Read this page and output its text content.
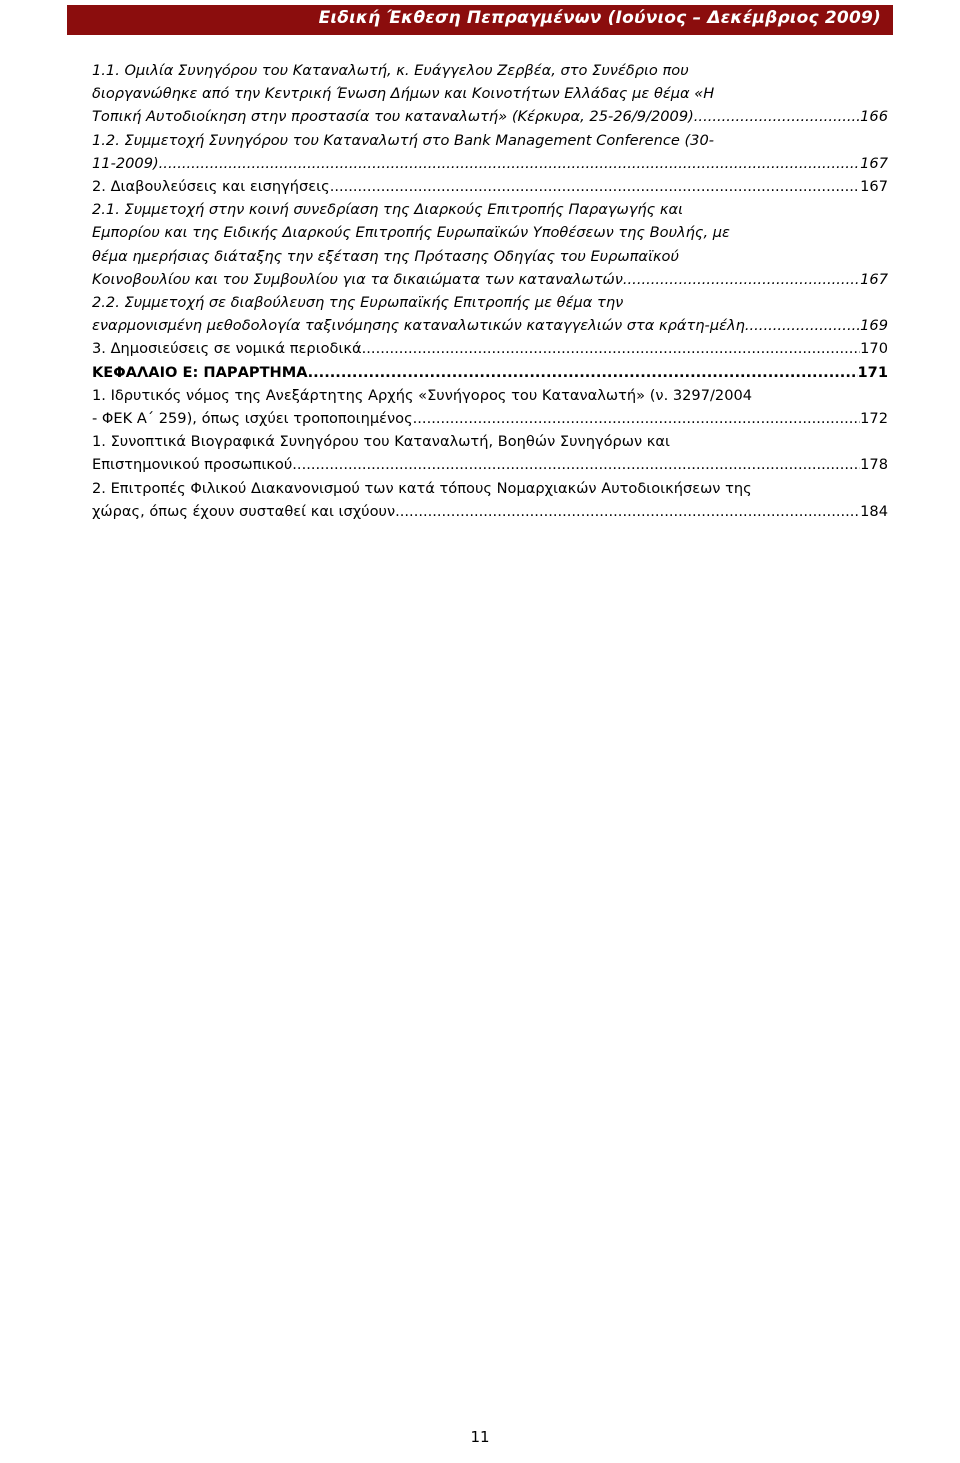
Ειδική Έκθεση Πεπραγμένων (Ιούνιος – Δεκέμβριος 2009)
1.1. Ομιλία Συνηγόρου του Καταναλωτή, κ. Ευάγγελου Ζερβέα, στο Συνέδριο που
διοργανώθηκε από την Κεντρική Ένωση Δήμων και Κοινοτήτων Ελλάδας με θέμα «Η
Τοπική Αυτοδιοίκηση στην προστασία του καταναλωτή» (Κέρκυρα, 25-26/9/2009) .....	166
1.2. Συμμετοχή Συνηγόρου του Καταναλωτή στο Bank Management Conference (30-
11-2009) .....	167
2. Διαβουλεύσεις και εισηγήσεις .....	167
2.1. Συμμετοχή στην κοινή συνεδρίαση της Διαρκούς Επιτροπής Παραγωγής και
Εμπορίου και της Ειδικής Διαρκούς Επιτροπής Ευρωπαϊκών Υποθέσεων της Βουλής, με
θέμα ημερήσιας διάταξης την εξέταση της Πρότασης Οδηγίας του Ευρωπαϊκού
Κοινοβουλίου και του Συμβουλίου για τα δικαιώματα των καταναλωτών .....	167
2.2. Συμμετοχή σε διαβούλευση της Ευρωπαϊκής Επιτροπής με θέμα την
εναρμονισμένη μεθοδολογία ταξινόμησης καταναλωτικών καταγγελιών στα κράτη-μέλη .....	169
3. Δημοσιεύσεις σε νομικά περιοδικά .....	170
ΚΕΦΑΛΑΙΟ Ε: ΠΑΡΑΡΤΗΜΑ .....	171
1. Ιδρυτικός νόμος της Ανεξάρτητης Αρχής «Συνήγορος του Καταναλωτή» (ν. 3297/2004
- ΦΕΚ Α΄ 259), όπως ισχύει τροποποιημένος .....	172
1. Συνοπτικά Βιογραφικά Συνηγόρου του Καταναλωτή, Βοηθών Συνηγόρων και
Επιστημονικού προσωπικού .....	178
2. Επιτροπές Φιλικού Διακανονισμού των κατά τόπους Νομαρχιακών Αυτοδιοικήσεων της
χώρας, όπως έχουν συσταθεί και ισχύουν .....	184
11
